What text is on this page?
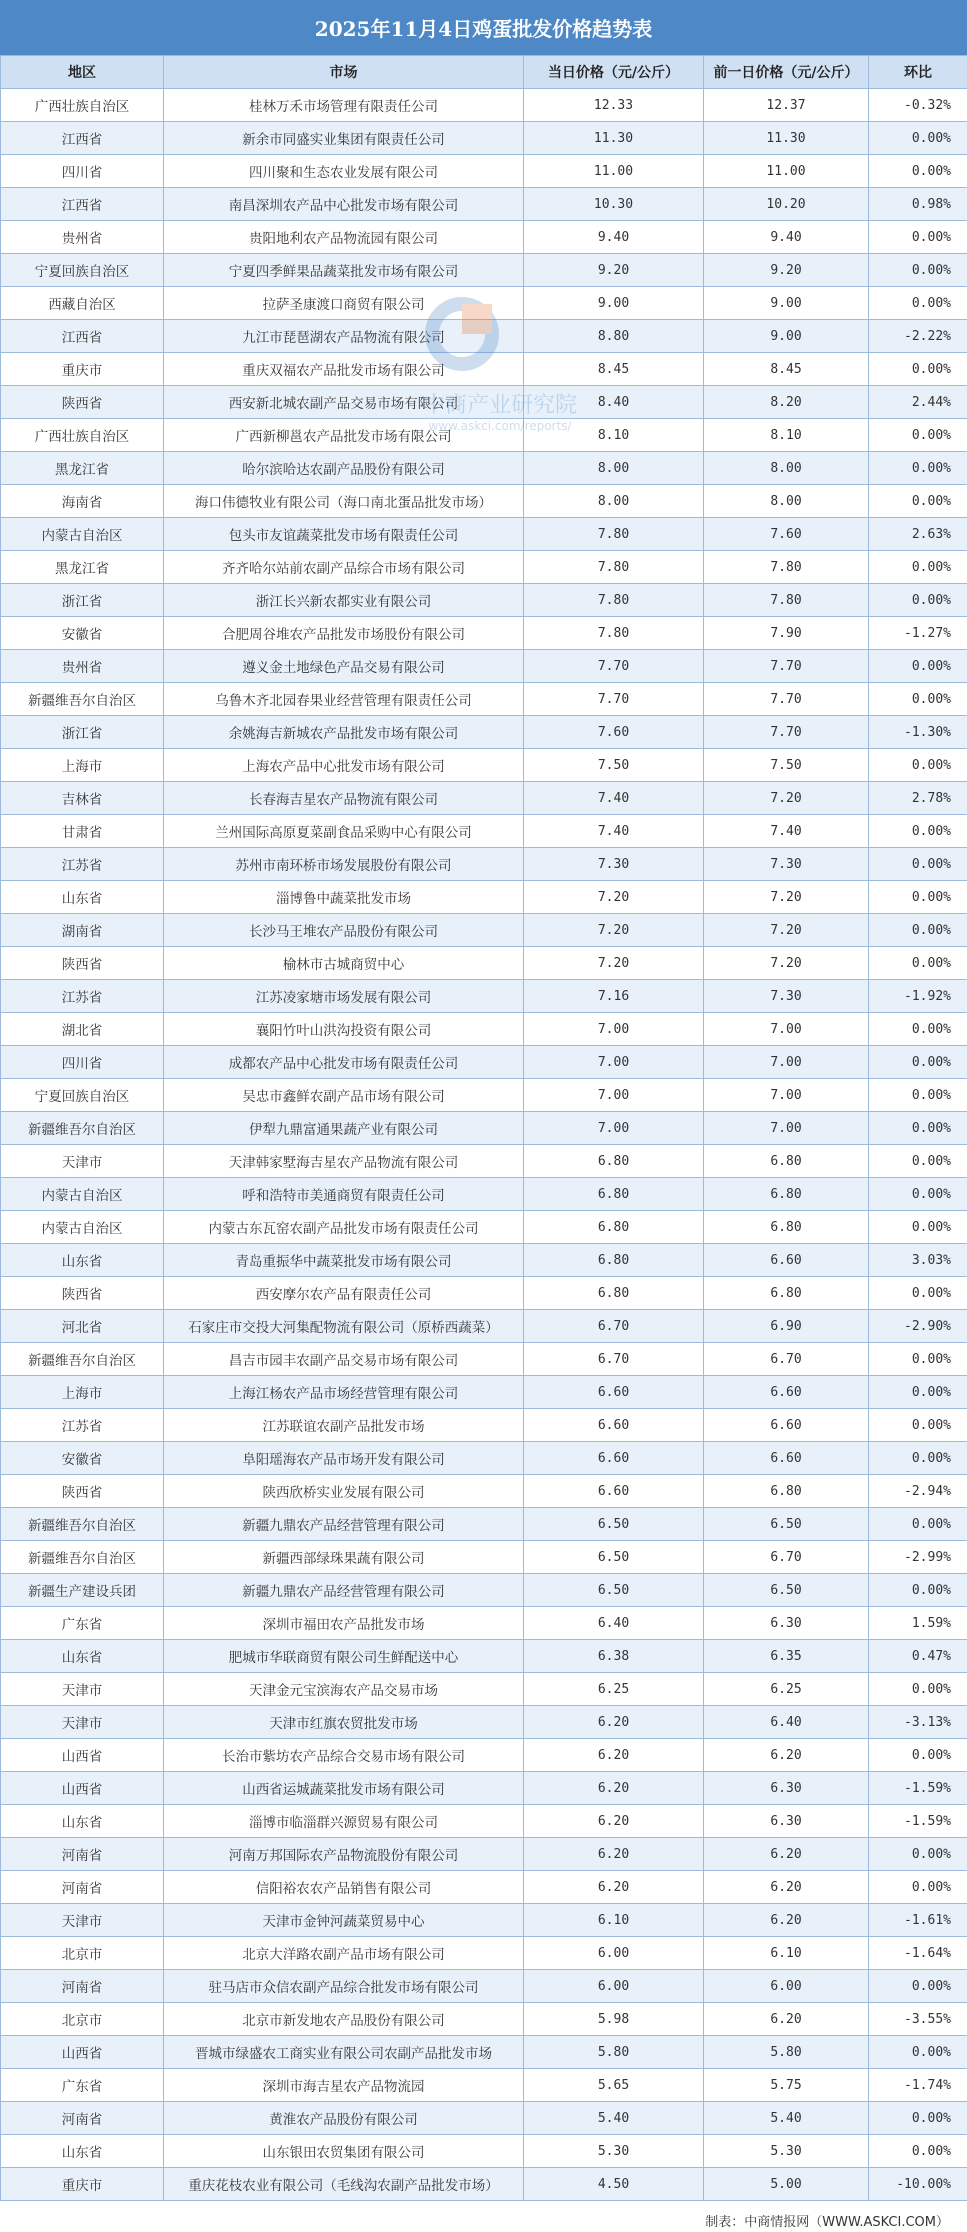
2025年11月4日鸡蛋批发价格趋势表
地区	市场	当日价格（元/公斤）	前一日价格（元/公斤）	环比
广西壮族自治区	桂林万禾市场管理有限责任公司	12.33	12.37	-0.32%
江西省	新余市同盛实业集团有限责任公司	11.30	11.30	0.00%
四川省	四川聚和生态农业发展有限公司	11.00	11.00	0.00%
江西省	南昌深圳农产品中心批发市场有限公司	10.30	10.20	0.98%
贵州省	贵阳地利农产品物流园有限公司	9.40	9.40	0.00%
宁夏回族自治区	宁夏四季鲜果品蔬菜批发市场有限公司	9.20	9.20	0.00%
西藏自治区	拉萨圣康渡口商贸有限公司	9.00	9.00	0.00%
江西省	九江市琵琶湖农产品物流有限公司	8.80	9.00	-2.22%
重庆市	重庆双福农产品批发市场有限公司	8.45	8.45	0.00%
陕西省	西安新北城农副产品交易市场有限公司	8.40	8.20	2.44%
广西壮族自治区	广西新柳邕农产品批发市场有限公司	8.10	8.10	0.00%
黑龙江省	哈尔滨哈达农副产品股份有限公司	8.00	8.00	0.00%
海南省	海口伟德牧业有限公司（海口南北蛋品批发市场）	8.00	8.00	0.00%
内蒙古自治区	包头市友谊蔬菜批发市场有限责任公司	7.80	7.60	2.63%
黑龙江省	齐齐哈尔站前农副产品综合市场有限公司	7.80	7.80	0.00%
浙江省	浙江长兴新农都实业有限公司	7.80	7.80	0.00%
安徽省	合肥周谷堆农产品批发市场股份有限公司	7.80	7.90	-1.27%
贵州省	遵义金土地绿色产品交易有限公司	7.70	7.70	0.00%
新疆维吾尔自治区	乌鲁木齐北园春果业经营管理有限责任公司	7.70	7.70	0.00%
浙江省	余姚海吉新城农产品批发市场有限公司	7.60	7.70	-1.30%
上海市	上海农产品中心批发市场有限公司	7.50	7.50	0.00%
吉林省	长春海吉星农产品物流有限公司	7.40	7.20	2.78%
甘肃省	兰州国际高原夏菜副食品采购中心有限公司	7.40	7.40	0.00%
江苏省	苏州市南环桥市场发展股份有限公司	7.30	7.30	0.00%
山东省	淄博鲁中蔬菜批发市场	7.20	7.20	0.00%
湖南省	长沙马王堆农产品股份有限公司	7.20	7.20	0.00%
陕西省	榆林市古城商贸中心	7.20	7.20	0.00%
江苏省	江苏凌家塘市场发展有限公司	7.16	7.30	-1.92%
湖北省	襄阳竹叶山洪沟投资有限公司	7.00	7.00	0.00%
四川省	成都农产品中心批发市场有限责任公司	7.00	7.00	0.00%
宁夏回族自治区	吴忠市鑫鲜农副产品市场有限公司	7.00	7.00	0.00%
新疆维吾尔自治区	伊犁九鼎富通果蔬产业有限公司	7.00	7.00	0.00%
天津市	天津韩家墅海吉星农产品物流有限公司	6.80	6.80	0.00%
内蒙古自治区	呼和浩特市美通商贸有限责任公司	6.80	6.80	0.00%
内蒙古自治区	内蒙古东瓦窑农副产品批发市场有限责任公司	6.80	6.80	0.00%
山东省	青岛重振华中蔬菜批发市场有限公司	6.80	6.60	3.03%
陕西省	西安摩尔农产品有限责任公司	6.80	6.80	0.00%
河北省	石家庄市交投大河集配物流有限公司（原桥西蔬菜）	6.70	6.90	-2.90%
新疆维吾尔自治区	昌吉市园丰农副产品交易市场有限公司	6.70	6.70	0.00%
上海市	上海江杨农产品市场经营管理有限公司	6.60	6.60	0.00%
江苏省	江苏联谊农副产品批发市场	6.60	6.60	0.00%
安徽省	阜阳瑶海农产品市场开发有限公司	6.60	6.60	0.00%
陕西省	陕西欣桥实业发展有限公司	6.60	6.80	-2.94%
新疆维吾尔自治区	新疆九鼎农产品经营管理有限公司	6.50	6.50	0.00%
新疆维吾尔自治区	新疆西部绿珠果蔬有限公司	6.50	6.70	-2.99%
新疆生产建设兵团	新疆九鼎农产品经营管理有限公司	6.50	6.50	0.00%
广东省	深圳市福田农产品批发市场	6.40	6.30	1.59%
山东省	肥城市华联商贸有限公司生鲜配送中心	6.38	6.35	0.47%
天津市	天津金元宝滨海农产品交易市场	6.25	6.25	0.00%
天津市	天津市红旗农贸批发市场	6.20	6.40	-3.13%
山西省	长治市紫坊农产品综合交易市场有限公司	6.20	6.20	0.00%
山西省	山西省运城蔬菜批发市场有限公司	6.20	6.30	-1.59%
山东省	淄博市临淄群兴源贸易有限公司	6.20	6.30	-1.59%
河南省	河南万邦国际农产品物流股份有限公司	6.20	6.20	0.00%
河南省	信阳裕农农产品销售有限公司	6.20	6.20	0.00%
天津市	天津市金钟河蔬菜贸易中心	6.10	6.20	-1.61%
北京市	北京大洋路农副产品市场有限公司	6.00	6.10	-1.64%
河南省	驻马店市众信农副产品综合批发市场有限公司	6.00	6.00	0.00%
北京市	北京市新发地农产品股份有限公司	5.98	6.20	-3.55%
山西省	晋城市绿盛农工商实业有限公司农副产品批发市场	5.80	5.80	0.00%
广东省	深圳市海吉星农产品物流园	5.65	5.75	-1.74%
河南省	黄淮农产品股份有限公司	5.40	5.40	0.00%
山东省	山东银田农贸集团有限公司	5.30	5.30	0.00%
重庆市	重庆花枝农业有限公司（毛线沟农副产品批发市场）	4.50	5.00	-10.00%
中商产业研究院
www.askci.com/reports/
制表：中商情报网（WWW.ASKCI.COM）
